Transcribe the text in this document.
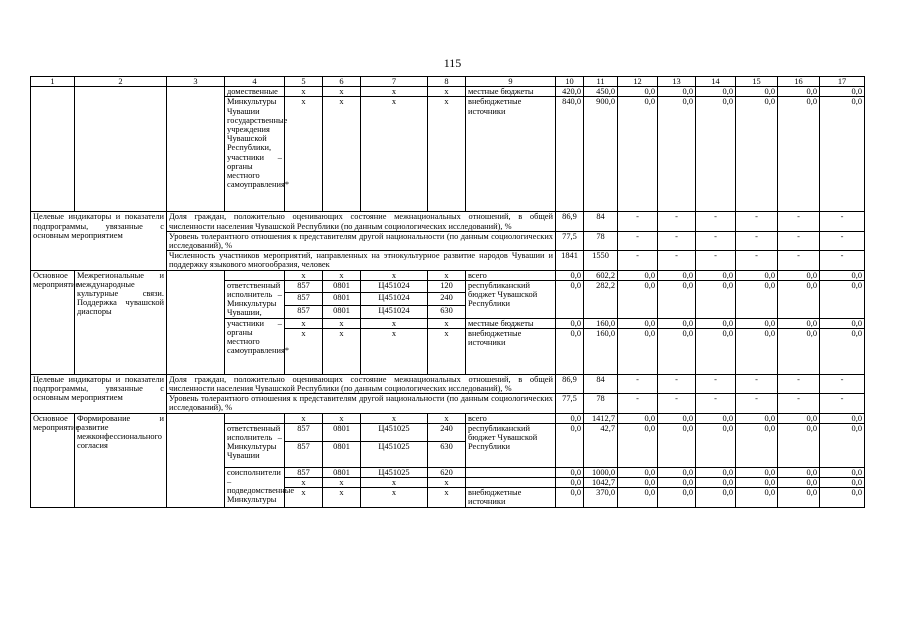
115
1	2	3	4	5	6	7	8	9	10	11	12	13	14	15	16	17
			домественные	x	x	x	x	местные бюджеты	420,0	450,0	0,0	0,0	0,0	0,0	0,0	0,0
			Минкультуры Чувашии государственные учреждения Чувашской Республики, участники – органы местного самоуправления*	x	x	x	x	внебюджетные источники	840,0	900,0	0,0	0,0	0,0	0,0	0,0	0,0
Целевые индикаторы и показатели подпрограммы, увязанные с основным мероприятием		Доля граждан, положительно оценивающих состояние межнациональных отношений, в общей численности населения Чувашской Республики (по данным социологических исследований), %							86,9	84	-	-	-	-	-	-
		Уровень толерантного отношения к представителям другой национальности (по данным социологических исследований), %							77,5	78	-	-	-	-	-	-
		Численность участников мероприятий, направленных на этнокультурное развитие народов Чувашии и поддержку языкового многообразия, человек							1841	1550	-	-	-	-	-	-
Основное мероприятие	Межрегиональные и международные культурные связи. Поддержка чувашской диаспоры			x	x	x	x	всего	0,0	602,2	0,0	0,0	0,0	0,0	0,0	0,0
			ответственный исполнитель – Минкультуры Чувашии,	857	0801	Ц451024	120	республиканский бюджет Чувашской Республики	0,0	282,2	0,0	0,0	0,0	0,0	0,0	0,0
				857	0801	Ц451024	240									
				857	0801	Ц451024	630									
			участники – органы местного самоуправления*	x	x	x	x	местные бюджеты	0,0	160,0	0,0	0,0	0,0	0,0	0,0	0,0
				x	x	x	x	внебюджетные источники	0,0	160,0	0,0	0,0	0,0	0,0	0,0	0,0
Целевые индикаторы и показатели подпрограммы, увязанные с основным мероприятием		Доля граждан, положительно оценивающих состояние межнациональных отношений, в общей численности населения Чувашской Республики (по данным социологических исследований), %							86,9	84	-	-	-	-	-	-
		Уровень толерантного отношения к представителям другой национальности (по данным социологических исследований), %							77,5	78	-	-	-	-	-	-
Основное мероприятие	Формирование и развитие межконфессионального согласия			x	x	x	x	всего	0,0	1412,7	0,0	0,0	0,0	0,0	0,0	0,0
			ответственный исполнитель – Минкультуры Чувашии	857	0801	Ц451025	240	республиканский бюджет Чувашской Республики	0,0	42,7	0,0	0,0	0,0	0,0	0,0	0,0
				857	0801	Ц451025	630									
			соисполнители – подведомственные Минкультуры	857	0801	Ц451025	620		0,0	1000,0	0,0	0,0	0,0	0,0	0,0	0,0
				x	x	x	x		0,0	1042,7	0,0	0,0	0,0	0,0	0,0	0,0
				x	x	x	x	внебюджетные источники	0,0	370,0	0,0	0,0	0,0	0,0	0,0	0,0
